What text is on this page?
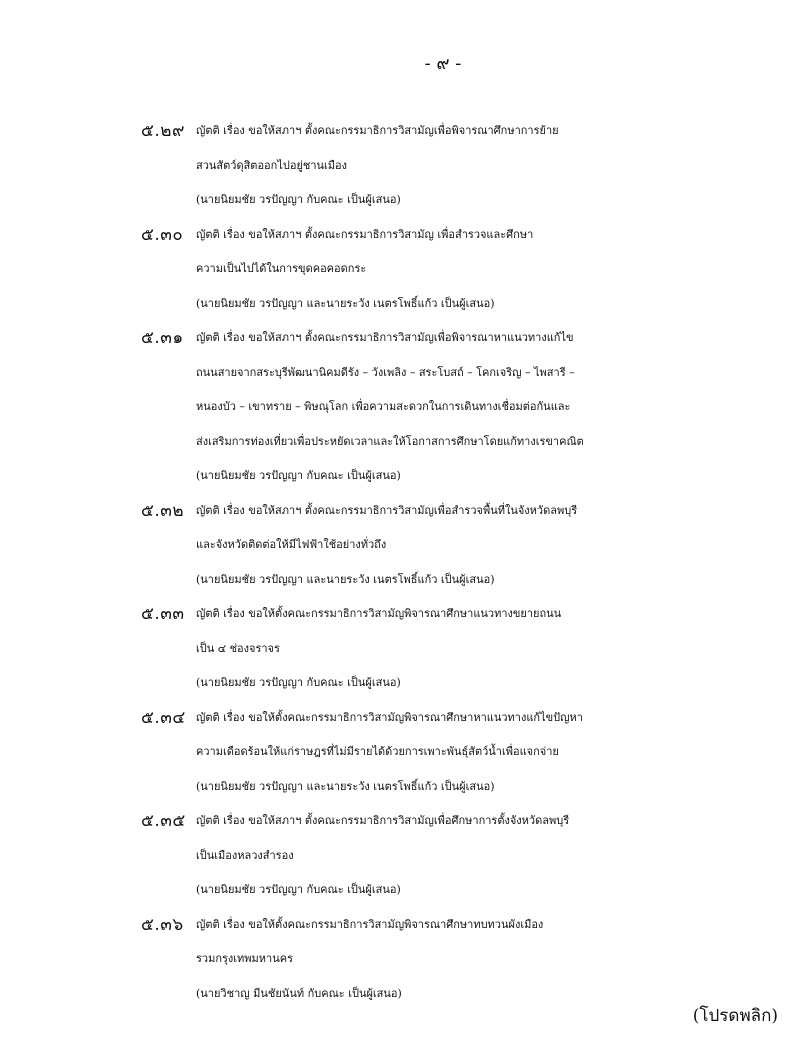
- ๙ -
๕.๒๙ ญัตติ เรื่อง ขอให้สภาฯ ตั้งคณะกรรมาธิการวิสามัญเพื่อพิจารณาศึกษาการย้าย
สวนสัตว์ดุสิตออกไปอยู่ชานเมือง
(นายนิยมชัย วรปัญญา กับคณะ เป็นผู้เสนอ)
๕.๓๐ ญัตติ เรื่อง ขอให้สภาฯ ตั้งคณะกรรมาธิการวิสามัญ เพื่อสำรวจและศึกษา
ความเป็นไปได้ในการขุดคอคอดกระ
(นายนิยมชัย วรปัญญา และนายระวัง เนตรโพธิ์แก้ว เป็นผู้เสนอ)
๕.๓๑ ญัตติ เรื่อง ขอให้สภาฯ ตั้งคณะกรรมาธิการวิสามัญเพื่อพิจารณาหาแนวทางแก้ไข
ถนนสายจากสระบุรีพัฒนานิคมดีรัง – วังเพลิง – สระโบสถ์ – โคกเจริญ – ไพสารี –
หนองบัว – เขาทราย – พิษณุโลก เพื่อความสะดวกในการเดินทางเชื่อมต่อกันและ
ส่งเสริมการท่องเที่ยวเพื่อประหยัดเวลาและให้โอกาสการศึกษาโดยแก้ทางเรขาคณิต
(นายนิยมชัย วรปัญญา กับคณะ เป็นผู้เสนอ)
๕.๓๒ ญัตติ เรื่อง ขอให้สภาฯ ตั้งคณะกรรมาธิการวิสามัญเพื่อสำรวจพื้นที่ในจังหวัดลพบุรี
และจังหวัดติดต่อให้มีไฟฟ้าใช้อย่างทั่วถึง
(นายนิยมชัย วรปัญญา และนายระวัง เนตรโพธิ์แก้ว เป็นผู้เสนอ)
๕.๓๓ ญัตติ เรื่อง ขอให้ตั้งคณะกรรมาธิการวิสามัญพิจารณาศึกษาแนวทางขยายถนน
เป็น ๔ ช่องจราจร
(นายนิยมชัย วรปัญญา กับคณะ เป็นผู้เสนอ)
๕.๓๔ ญัตติ เรื่อง ขอให้ตั้งคณะกรรมาธิการวิสามัญพิจารณาศึกษาหาแนวทางแก้ไขปัญหา
ความเดือดร้อนให้แก่ราษฎรที่ไม่มีรายได้ด้วยการเพาะพันธุ์สัตว์น้ำเพื่อแจกจ่าย
(นายนิยมชัย วรปัญญา และนายระวัง เนตรโพธิ์แก้ว เป็นผู้เสนอ)
๕.๓๕ ญัตติ เรื่อง ขอให้สภาฯ ตั้งคณะกรรมาธิการวิสามัญเพื่อศึกษาการตั้งจังหวัดลพบุรี
เป็นเมืองหลวงสำรอง
(นายนิยมชัย วรปัญญา กับคณะ เป็นผู้เสนอ)
๕.๓๖ ญัตติ เรื่อง ขอให้ตั้งคณะกรรมาธิการวิสามัญพิจารณาศึกษาทบทวนผังเมือง
รวมกรุงเทพมหานคร
(นายวิชาญ มีนชัยนันท์ กับคณะ เป็นผู้เสนอ)
(โปรดพลิก)
